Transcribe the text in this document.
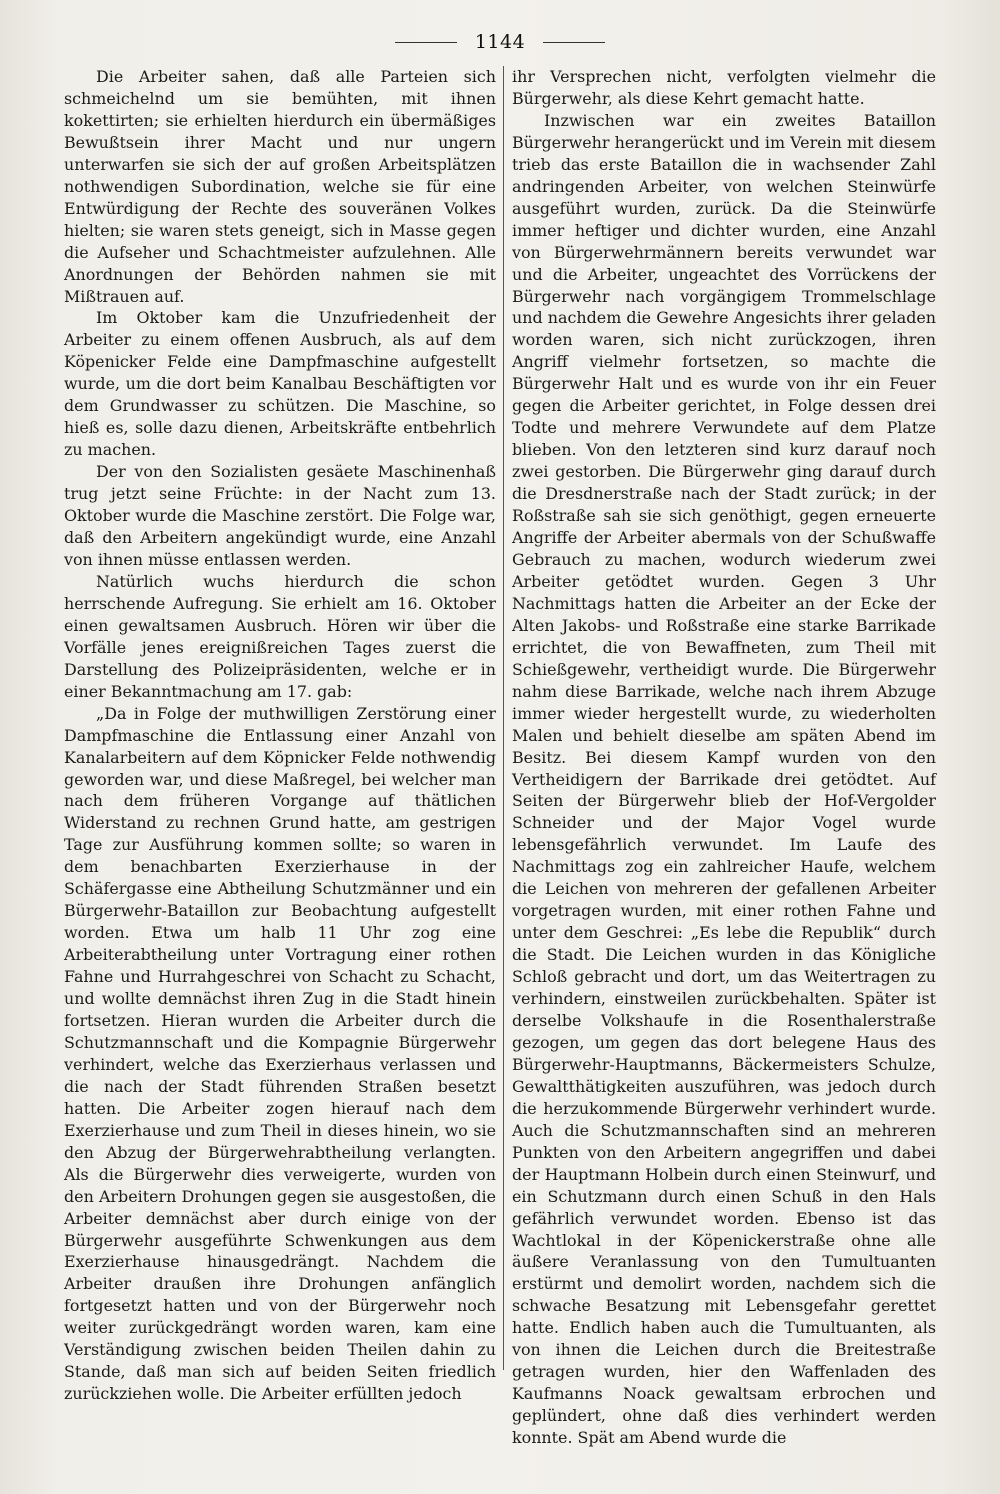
1144

Die Arbeiter sahen, daß alle Parteien sich schmeichelnd um sie bemühten, mit ihnen kokettirten; sie erhielten hierdurch ein übermäßiges Bewußtsein ihrer Macht und nur ungern unterwarfen sie sich der auf großen Arbeitsplätzen nothwendigen Subordination, welche sie für eine Entwürdigung der Rechte des souveränen Volkes hielten; sie waren stets geneigt, sich in Masse gegen die Aufseher und Schachtmeister aufzulehnen. Alle Anordnungen der Behörden nahmen sie mit Mißtrauen auf.

Im Oktober kam die Unzufriedenheit der Arbeiter zu einem offenen Ausbruch, als auf dem Köpenicker Felde eine Dampfmaschine aufgestellt wurde, um die dort beim Kanalbau Beschäftigten vor dem Grundwasser zu schützen. Die Maschine, so hieß es, solle dazu dienen, Arbeitskräfte entbehrlich zu machen.

Der von den Sozialisten gesäete Maschinenhaß trug jetzt seine Früchte: in der Nacht zum 13. Oktober wurde die Maschine zerstört. Die Folge war, daß den Arbeitern angekündigt wurde, eine Anzahl von ihnen müsse entlassen werden.

Natürlich wuchs hierdurch die schon herrschende Aufregung. Sie erhielt am 16. Oktober einen gewaltsamen Ausbruch. Hören wir über die Vorfälle jenes ereignißreichen Tages zuerst die Darstellung des Polizeipräsidenten, welche er in einer Bekanntmachung am 17. gab:

„Da in Folge der muthwilligen Zerstörung einer Dampfmaschine die Entlassung einer Anzahl von Kanalarbeitern auf dem Köpnicker Felde nothwendig geworden war, und diese Maßregel, bei welcher man nach dem früheren Vorgange auf thätlichen Widerstand zu rechnen Grund hatte, am gestrigen Tage zur Ausführung kommen sollte; so waren in dem benachbarten Exerzierhause in der Schäfergasse eine Abtheilung Schutzmänner und ein Bürgerwehr-Bataillon zur Beobachtung aufgestellt worden. Etwa um halb 11 Uhr zog eine Arbeiterabtheilung unter Vortragung einer rothen Fahne und Hurrahgeschrei von Schacht zu Schacht, und wollte demnächst ihren Zug in die Stadt hinein fortsetzen. Hieran wurden die Arbeiter durch die Schutzmannschaft und die Kompagnie Bürgerwehr verhindert, welche das Exerzierhaus verlassen und die nach der Stadt führenden Straßen besetzt hatten. Die Arbeiter zogen hierauf nach dem Exerzierhause und zum Theil in dieses hinein, wo sie den Abzug der Bürgerwehrabtheilung verlangten. Als die Bürgerwehr dies verweigerte, wurden von den Arbeitern Drohungen gegen sie ausgestoßen, die Arbeiter demnächst aber durch einige von der Bürgerwehr ausgeführte Schwenkungen aus dem Exerzierhause hinausgedrängt. Nachdem die Arbeiter draußen ihre Drohungen anfänglich fortgesetzt hatten und von der Bürgerwehr noch weiter zurückgedrängt worden waren, kam eine Verständigung zwischen beiden Theilen dahin zu Stande, daß man sich auf beiden Seiten friedlich zurückziehen wolle. Die Arbeiter erfüllten jedoch

ihr Versprechen nicht, verfolgten vielmehr die Bürgerwehr, als diese Kehrt gemacht hatte.

Inzwischen war ein zweites Bataillon Bürgerwehr herangerückt und im Verein mit diesem trieb das erste Bataillon die in wachsender Zahl andringenden Arbeiter, von welchen Steinwürfe ausgeführt wurden, zurück. Da die Steinwürfe immer heftiger und dichter wurden, eine Anzahl von Bürgerwehrmännern bereits verwundet war und die Arbeiter, ungeachtet des Vorrückens der Bürgerwehr nach vorgängigem Trommelschlage und nachdem die Gewehre Angesichts ihrer geladen worden waren, sich nicht zurückzogen, ihren Angriff vielmehr fortsetzen, so machte die Bürgerwehr Halt und es wurde von ihr ein Feuer gegen die Arbeiter gerichtet, in Folge dessen drei Todte und mehrere Verwundete auf dem Platze blieben. Von den letzteren sind kurz darauf noch zwei gestorben. Die Bürgerwehr ging darauf durch die Dresdnerstraße nach der Stadt zurück; in der Roßstraße sah sie sich genöthigt, gegen erneuerte Angriffe der Arbeiter abermals von der Schußwaffe Gebrauch zu machen, wodurch wiederum zwei Arbeiter getödtet wurden. Gegen 3 Uhr Nachmittags hatten die Arbeiter an der Ecke der Alten Jakobs- und Roßstraße eine starke Barrikade errichtet, die von Bewaffneten, zum Theil mit Schießgewehr, vertheidigt wurde. Die Bürgerwehr nahm diese Barrikade, welche nach ihrem Abzuge immer wieder hergestellt wurde, zu wiederholten Malen und behielt dieselbe am späten Abend im Besitz. Bei diesem Kampf wurden von den Vertheidigern der Barrikade drei getödtet. Auf Seiten der Bürgerwehr blieb der Hof-Vergolder Schneider und der Major Vogel wurde lebensgefährlich verwundet. Im Laufe des Nachmittags zog ein zahlreicher Haufe, welchem die Leichen von mehreren der gefallenen Arbeiter vorgetragen wurden, mit einer rothen Fahne und unter dem Geschrei: „Es lebe die Republik“ durch die Stadt. Die Leichen wurden in das Königliche Schloß gebracht und dort, um das Weitertragen zu verhindern, einstweilen zurückbehalten. Später ist derselbe Volkshaufe in die Rosenthalerstraße gezogen, um gegen das dort belegene Haus des Bürgerwehr-Hauptmanns, Bäckermeisters Schulze, Gewaltthätigkeiten auszuführen, was jedoch durch die herzukommende Bürgerwehr verhindert wurde. Auch die Schutzmannschaften sind an mehreren Punkten von den Arbeitern angegriffen und dabei der Hauptmann Holbein durch einen Steinwurf, und ein Schutzmann durch einen Schuß in den Hals gefährlich verwundet worden. Ebenso ist das Wachtlokal in der Köpenickerstraße ohne alle äußere Veranlassung von den Tumultuanten erstürmt und demolirt worden, nachdem sich die schwache Besatzung mit Lebensgefahr gerettet hatte. Endlich haben auch die Tumultuanten, als von ihnen die Leichen durch die Breitestraße getragen wurden, hier den Waffenladen des Kaufmanns Noack gewaltsam erbrochen und geplündert, ohne daß dies verhindert werden konnte. Spät am Abend wurde die
